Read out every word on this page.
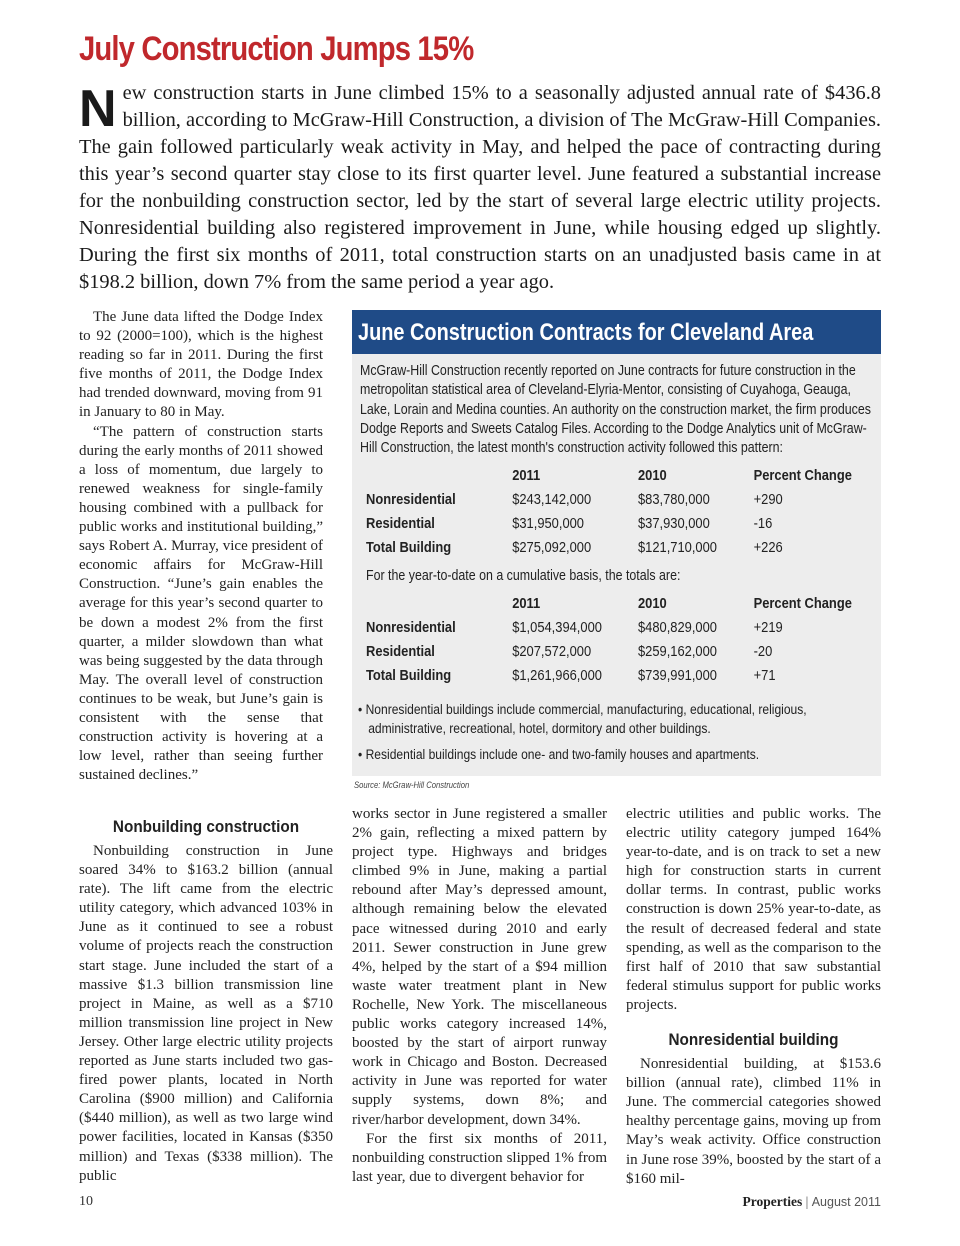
July Construction Jumps 15%

New construction starts in June climbed 15% to a seasonally adjusted annual rate of $436.8 billion, according to McGraw-Hill Construction, a division of The McGraw-Hill Companies. The gain followed particularly weak activity in May, and helped the pace of contracting during this year’s second quarter stay close to its first quarter level. June featured a substantial increase for the nonbuilding construction sector, led by the start of several large electric utility projects. Nonresidential building also registered improvement in June, while housing edged up slightly. During the first six months of 2011, total construction starts on an unadjusted basis came in at $198.2 billion, down 7% from the same period a year ago.

The June data lifted the Dodge Index to 92 (2000=100), which is the highest reading so far in 2011. During the first five months of 2011, the Dodge Index had trended downward, moving from 91 in January to 80 in May.

“The pattern of construction starts during the early months of 2011 showed a loss of momentum, due largely to renewed weakness for single-family housing combined with a pullback for public works and institutional building,” says Robert A. Murray, vice president of economic affairs for McGraw-Hill Construction. “June’s gain enables the average for this year’s second quarter to be down a modest 2% from the first quarter, a milder slowdown than what was being suggested by the data through May. The overall level of construction continues to be weak, but June’s gain is consistent with the sense that construction activity is hovering at a low level, rather than seeing further sustained declines.”

June Construction Contracts for Cleveland Area
McGraw-Hill Construction recently reported on June contracts for future construction in the metropolitan statistical area of Cleveland-Elyria-Mentor, consisting of Cuyahoga, Geauga, Lake, Lorain and Medina counties. An authority on the construction market, the firm produces Dodge Reports and Sweets Catalog Files. According to the Dodge Analytics unit of McGraw-Hill Construction, the latest month's construction activity followed this pattern:
	2011	2010	Percent Change
Nonresidential	$243,142,000	$83,780,000	+290
Residential	$31,950,000	$37,930,000	-16
Total Building	$275,092,000	$121,710,000	+226
For the year-to-date on a cumulative basis, the totals are:
	2011	2010	Percent Change
Nonresidential	$1,054,394,000	$480,829,000	+219
Residential	$207,572,000	$259,162,000	-20
Total Building	$1,261,966,000	$739,991,000	+71
• Nonresidential buildings include commercial, manufacturing, educational, religious, administrative, recreational, hotel, dormitory and other buildings.
• Residential buildings include one- and two-family houses and apartments.
Source: McGraw-Hill Construction
Nonbuilding construction

Nonbuilding construction in June soared 34% to $163.2 billion (annual rate). The lift came from the electric utility category, which advanced 103% in June as it continued to see a robust volume of projects reach the construction start stage. June included the start of a massive $1.3 billion transmission line project in Maine, as well as a $710 million transmission line project in New Jersey. Other large electric utility projects reported as June starts included two gas-fired power plants, located in North Carolina ($900 million) and California ($440 million), as well as two large wind power facilities, located in Kansas ($350 million) and Texas ($338 million). The public

works sector in June registered a smaller 2% gain, reflecting a mixed pattern by project type. Highways and bridges climbed 9% in June, making a partial rebound after May’s depressed amount, although remaining below the elevated pace witnessed during 2010 and early 2011. Sewer construction in June grew 4%, helped by the start of a $94 million waste water treatment plant in New Rochelle, New York. The miscellaneous public works category increased 14%, boosted by the start of airport runway work in Chicago and Boston. Decreased activity in June was reported for water supply systems, down 8%; and river/harbor development, down 34%.

For the first six months of 2011, nonbuilding construction slipped 1% from last year, due to divergent behavior for

electric utilities and public works. The electric utility category jumped 164% year-to-date, and is on track to set a new high for construction starts in current dollar terms. In contrast, public works construction is down 25% year-to-date, as the result of decreased federal and state spending, as well as the comparison to the first half of 2010 that saw substantial federal stimulus support for public works projects.

Nonresidential building

Nonresidential building, at $153.6 billion (annual rate), climbed 11% in June. The commercial categories showed healthy percentage gains, moving up from May’s weak activity. Office construction in June rose 39%, boosted by the start of a $160 mil-

10	Properties | August 2011
